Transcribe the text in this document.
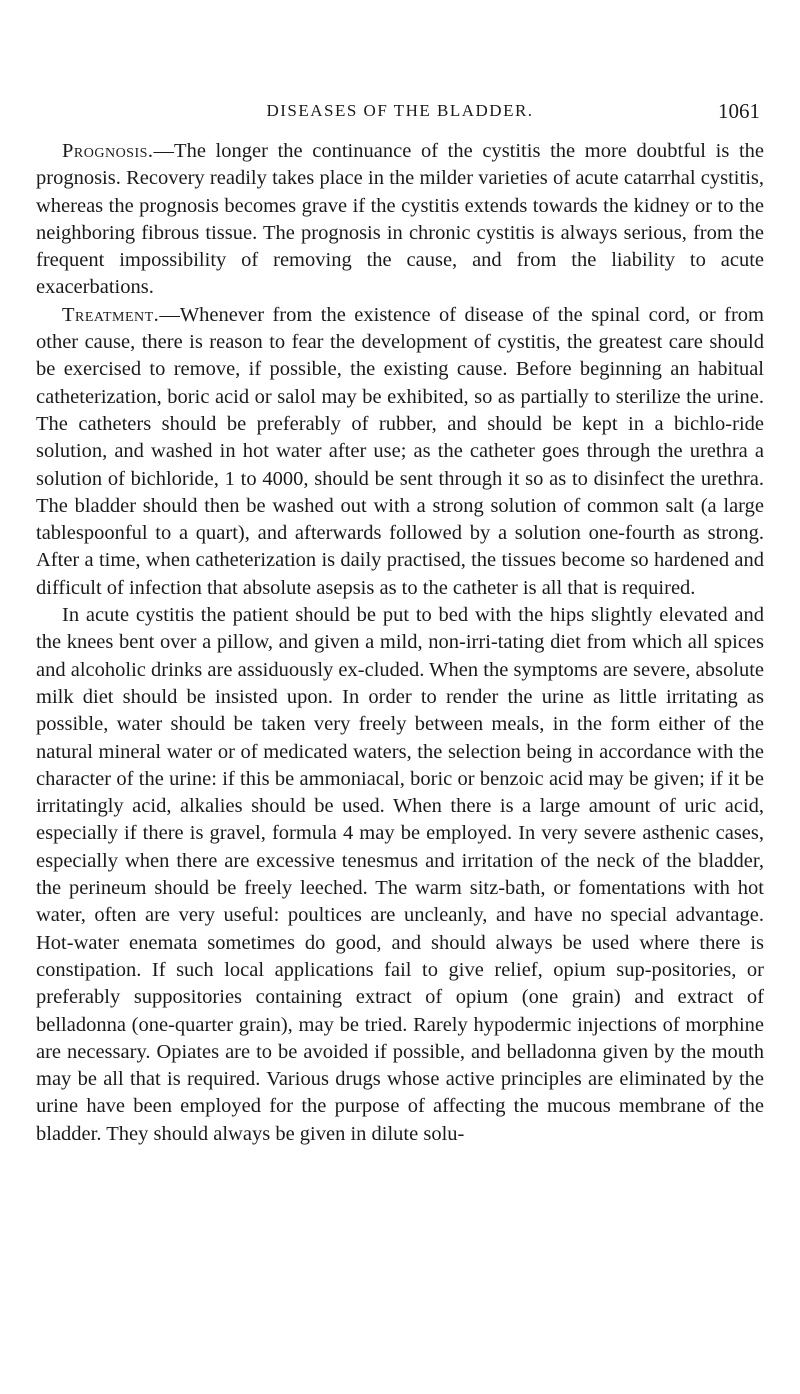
DISEASES OF THE BLADDER.	1061

Prognosis.—The longer the continuance of the cystitis the more doubtful is the prognosis. Recovery readily takes place in the milder varieties of acute catarrhal cystitis, whereas the prognosis becomes grave if the cystitis extends towards the kidney or to the neighboring fibrous tissue. The prognosis in chronic cystitis is always serious, from the frequent impossibility of removing the cause, and from the liability to acute exacerbations.

Treatment.—Whenever from the existence of disease of the spinal cord, or from other cause, there is reason to fear the development of cystitis, the greatest care should be exercised to remove, if possible, the existing cause. Before beginning an habitual catheterization, boric acid or salol may be exhibited, so as partially to sterilize the urine. The catheters should be preferably of rubber, and should be kept in a bichlo-ride solution, and washed in hot water after use; as the catheter goes through the urethra a solution of bichloride, 1 to 4000, should be sent through it so as to disinfect the urethra. The bladder should then be washed out with a strong solution of common salt (a large tablespoonful to a quart), and afterwards followed by a solution one-fourth as strong. After a time, when catheterization is daily practised, the tissues become so hardened and difficult of infection that absolute asepsis as to the catheter is all that is required.

In acute cystitis the patient should be put to bed with the hips slightly elevated and the knees bent over a pillow, and given a mild, non-irri-tating diet from which all spices and alcoholic drinks are assiduously ex-cluded. When the symptoms are severe, absolute milk diet should be insisted upon. In order to render the urine as little irritating as possible, water should be taken very freely between meals, in the form either of the natural mineral water or of medicated waters, the selection being in accordance with the character of the urine: if this be ammoniacal, boric or benzoic acid may be given; if it be irritatingly acid, alkalies should be used. When there is a large amount of uric acid, especially if there is gravel, formula 4 may be employed. In very severe asthenic cases, especially when there are excessive tenesmus and irritation of the neck of the bladder, the perineum should be freely leeched. The warm sitz-bath, or fomentations with hot water, often are very useful: poultices are uncleanly, and have no special advantage. Hot-water enemata sometimes do good, and should always be used where there is constipation. If such local applications fail to give relief, opium sup-positories, or preferably suppositories containing extract of opium (one grain) and extract of belladonna (one-quarter grain), may be tried. Rarely hypodermic injections of morphine are necessary. Opiates are to be avoided if possible, and belladonna given by the mouth may be all that is required. Various drugs whose active principles are eliminated by the urine have been employed for the purpose of affecting the mucous membrane of the bladder. They should always be given in dilute solu-
